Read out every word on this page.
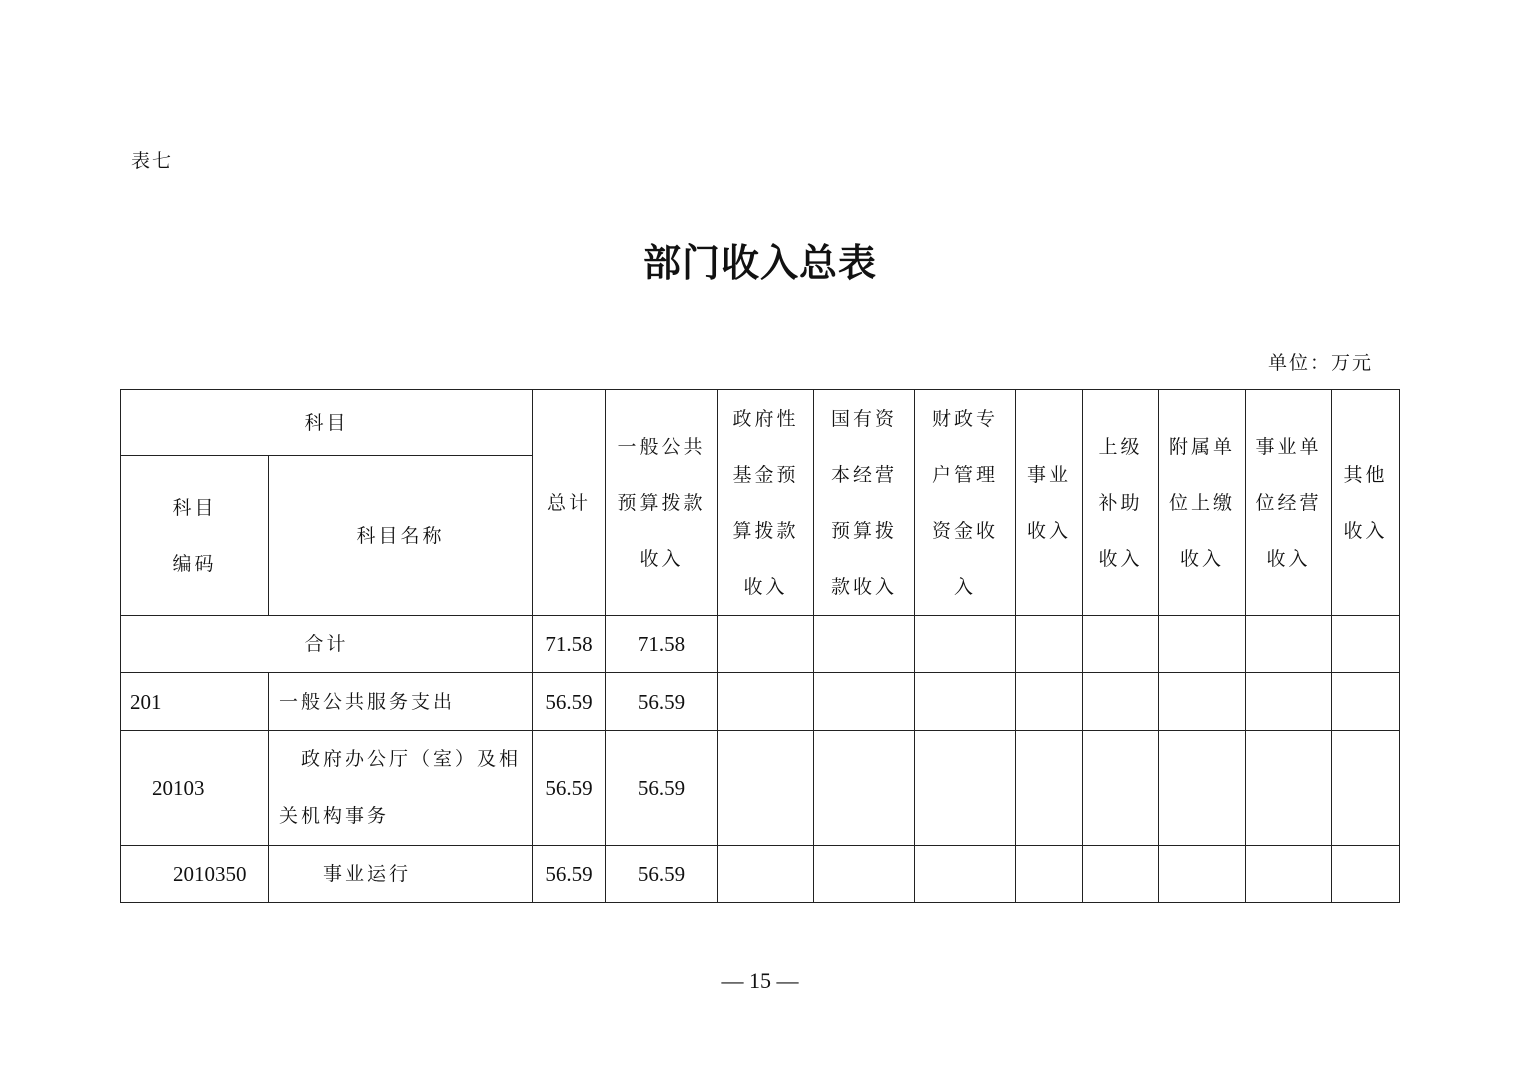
表七
部门收入总表
单位：万元
科目		总计	一般公共预算拨款收入	政府性基金预算拨款收入	国有资本经营预算拨款收入	财政专户管理资金收入	事业收入	上级补助收入	附属单位上缴收入	事业单位经营收入	其他收入

科目
编码	科目名称										
合计		71.58	71.58								
201	一般公共服务支出	56.59	56.59								
20103	政府办公厅（室）及相关机构事务	56.59	56.59								
2010350	事业运行	56.59	56.59								
— 15 —
